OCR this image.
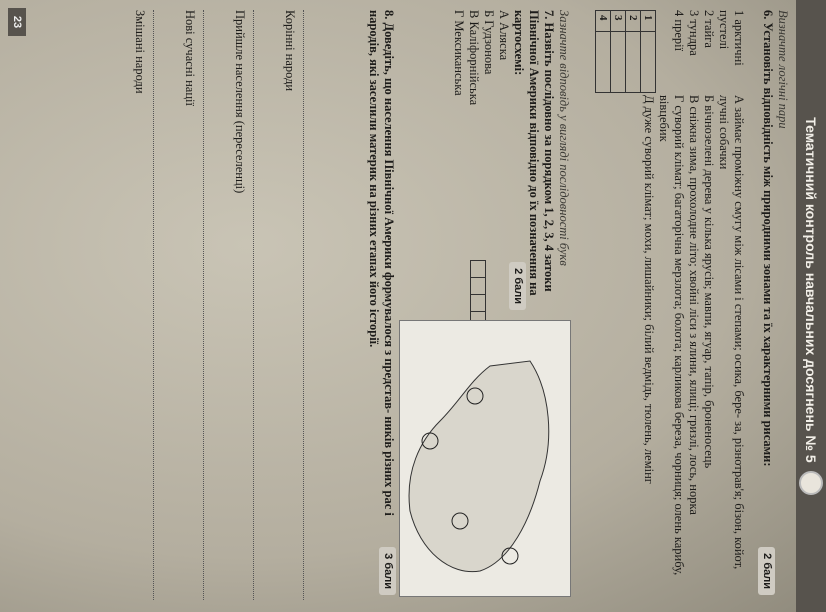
Тематичний контроль навчальних досягнень № 5
Визначте логічні пари
2 бали
6. Установіть відповідність між природними зонами та їх характерними рисами:
1 арктичні пустелі
2 тайга
3 тундра
4 прерії
А займає проміжну смугу між лісами і степами; осика, бере- за, різнотрав'я; бізон, койот, лучні собачки
Б вічнозелені дерева у кілька ярусів; мавпи, ягуар, тапір, броненосець
В сніжна зима, прохолодне літо; хвойні ліси з ялини, ялиці; гризлі, лось, норка
Г суворий клімат; багаторічна мерзлота; болота; карликова береза, чорниця; олень карибу, вівцебик
Д дуже суворий клімат; мохи, лишайники; білий ведмідь, тюлень, лемінг
1	
2	
3	
4	
Зазначте відповідь у вигляді послідовності букв
7. Назвіть послідовно за порядком 1, 2, 3, 4 затоки Північної Америки відповідно до їх позначення на картосхемі:
2 бали
А Аляска
Б Гудзонова
В Каліфорнійська
Г Мексиканська
3 бали
8. Доведіть, що населення Північної Америки формувалося з представ- ників різних рас і народів, які заселили материк на різних етапах його історії.
Корінні народи
Прийшле населення (переселенці)
Нові сучасні нації
Змішані народи
23
